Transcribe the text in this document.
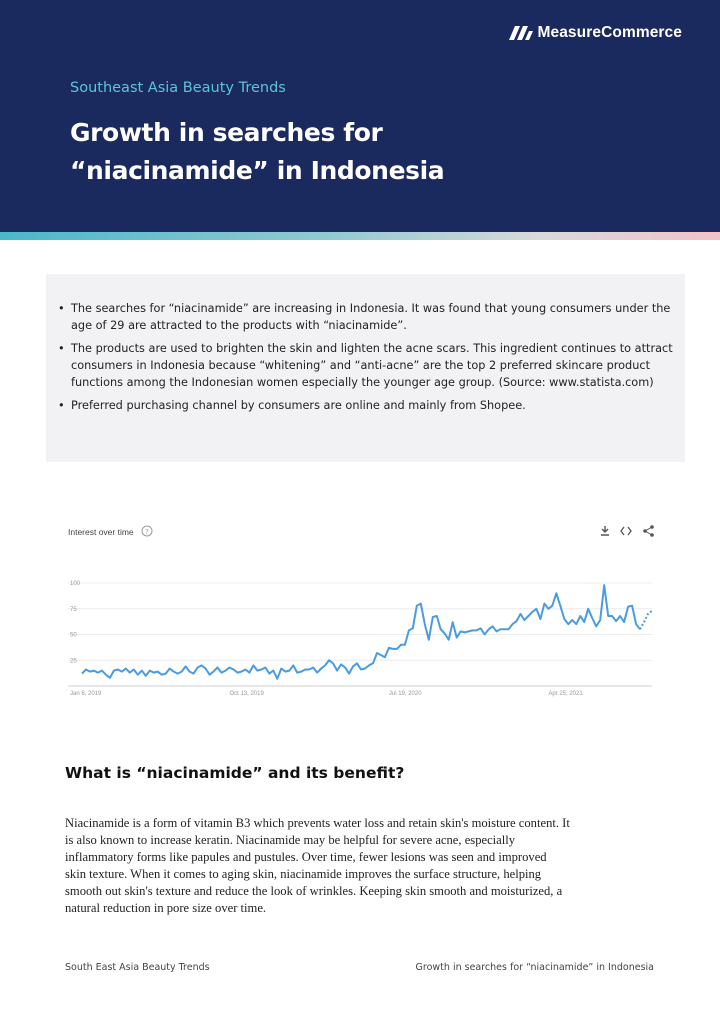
MeasureCommerce
Southeast Asia Beauty Trends
Growth in searches for
“niacinamide” in Indonesia
• The searches for “niacinamide” are increasing in Indonesia. It was found that young consumers under the age of 29 are attracted to the products with “niacinamide”.
• The products are used to brighten the skin and lighten the acne scars. This ingredient continues to attract consumers in Indonesia because “whitening” and “anti-acne” are the top 2 preferred skincare product functions among the Indonesian women especially the younger age group. (Source: www.statista.com)
• Preferred purchasing channel by consumers are online and mainly from Shopee.
Interest over time ?
100
75
50
25
Jan 6, 2019	Oct 13, 2019	Jul 19, 2020	Apr 25, 2021
What is “niacinamide” and its benefit?
Niacinamide is a form of vitamin B3 which prevents water loss and retain skin's moisture content. It
is also known to increase keratin. Niacinamide may be helpful for severe acne, especially
inflammatory forms like papules and pustules. Over time, fewer lesions was seen and improved
skin texture. When it comes to aging skin, niacinamide improves the surface structure, helping
smooth out skin's texture and reduce the look of wrinkles. Keeping skin smooth and moisturized, a
natural reduction in pore size over time.
South East Asia Beauty Trends	Growth in searches for “niacinamide” in Indonesia
